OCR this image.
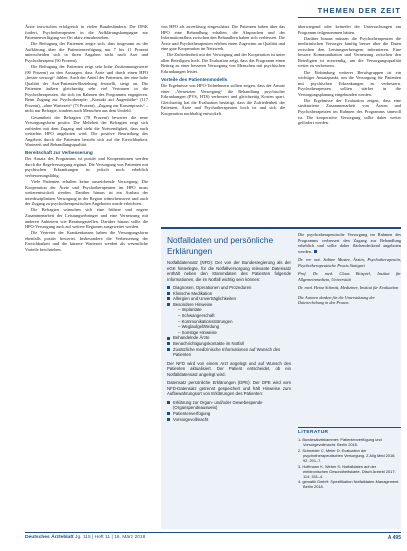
THEMEN DER ZEIT

Ärzte inzwischen erfolgreich in vielen Bundesländern. Die DPtK fordert, Psychotherapeuten in die Aufklärungskampagne zur Patientenverfügung vor Ort aktiv einzubeziehen.

Die Befragung der Patienten zeigte sich, dass insgesamt zu der Aufklärung über die Patientenverfügung nur 7 bis 11 Prozent unterscheiden sich in ihren Angaben nicht nach Arzt und Psychotherapeut (50 Prozent).

Die Befragung der Patienten zeigt sehr hohe Zustimmungswerte (90 Prozent) zu den Aussagen, dass Ärzte und durch einen HPO „besser versorgt“ fühlen. Auch der Anteil der Patienten, der eine hohe Qualität der Arzt-Patienten-Beziehung feststellt, steigt an. Die Patienten äußern gleichzeitig sehr viel Vertrauen in die Psychotherapeuten, die sich im Rahmen des Programms engagieren. Beim Zugang zur Psychotherapie: „Kontakt auf Augenhöhe“ (117 Prozent), „ohne Wartezeit“ (73 Prozent), „Zugang zur Kassenpraxis“ – nicht nur Befragte, sondern auch Menschen aus dem Umfeld.

Gesamtheit der Befragten (78 Prozent) bewertet die neue Versorgungsform positiv. Die Mehrheit der Befragten zeigt sich zufrieden mit dem Zugang und sieht die Notwendigkeit, dass auch weiterhin HPO angeboten wird. Die positive Beurteilung des Angebots durch die Patienten bezieht sich auf die Erreichbarkeit, Wartezeit und Behandlungsqualität.

Bereitschaft zur Verbesserung

Der Ansatz des Programms ist positiv und Kooperationen werden durch die Regelversorgung ergänzt. Die Versorgung von Patienten mit psychischen Erkrankungen ist jedoch noch erheblich verbesserungsfähig.

Viele Patienten erhalten keine ausreichende Versorgung. Die Kooperation der Ärzte und Psychotherapeuten im HPO muss weiterentwickelt werden. Darüber hinaus ist ein Ausbau der interdisziplinären Versorgung in der Region wünschenswert und auch der Zugang zu psychotherapeutischen Angeboten wurde erleichtert.

Die Befragten wünschen sich eine frühere und engere Zusammenarbeit der Leistungserbringer und eine Vernetzung mit anderen Anbietern wie Beratungsstellen. Darüber hinaus sollte die HPO-Versorgung auch auf weitere Regionen ausgeweitet werden.

Die Vertreter der Krankenkassen haben die Versorgungsform ebenfalls positiv bewertet. Insbesondere die Verbesserung der Erreichbarkeit und die kürzere Wartezeit werden als wesentliche Vorteile beschrieben.

von HPO als zuverlässig eingeschätzt. Die Patienten haben über das HPO eine Behandlung erhalten, die Absprachen und der Informationsfluss zwischen den Behandlern haben sich verbessert. Die Ärzte und Psychotherapeuten erleben einen Zugewinn an Qualität und eine gute Kooperation im Netzwerk.

Die Zufriedenheit mit der Versorgung und der Kooperation ist unter allen Beteiligten hoch. Die Evaluation zeigt, dass das Programm einen Beitrag zu einer besseren Versorgung von Menschen mit psychischen Erkrankungen leistet.

Vorteile des Patientenmodells

Die Ergebnisse von HPO-Teilnehmern sollten zeigen, dass der Ansatz einer „Vernetzten Versorgung“ die Behandlung psychischer Erkrankungen (PVS, HTS) verbessert und gleichzeitig Kosten spart. Gleichzeitig hat die Evaluation bestätigt, dass die Zufriedenheit der Patienten, Ärzte und Psychotherapeuten hoch ist und sich die Kooperation nachhaltig entwickelt.

überwiegend oder keinerlei der Untersuchungen am Programm teilgenommen hätten.

Darüber hinaus müssen die Psychotherapeuten die medizinischen Versorger künftig besser über die Daten zwischen den Leistungserbringern informieren. Eine bessere Kommunikation und Vernetzung zwischen den Beteiligten ist notwendig, um die Versorgungsqualität weiter zu verbessern.

Die Einbindung weiterer Berufsgruppen ist ein wichtiger Ansatzpunkt, um die Versorgung für Patienten mit psychischen Erkrankungen zu verbessern. Psychotherapeuten sollten stärker in die Versorgungsplanung eingebunden werden.

Die Ergebnisse der Evaluation zeigen, dass eine strukturierte Zusammenarbeit von Ärzten und Psychotherapeuten im Rahmen des Programms sinnvoll ist. Die kooperative Versorgung sollte daher weiter gefördert werden.

Notfalldaten und persönliche Erklärungen

Notfalldatensatz (NFD): Der von der Bundesregierung als der eGK hinterlegte, für die Notfallversorgung relevante Datensatz enthält neben den Stammdaten des Patienten folgende Informationen, die im Notfall wichtig sein können:

Diagnosen, Operationen und Prozeduren
Klinische Medikation
Allergien und Unverträglichkeiten
Besondere Hinweise
– Implantate
– Schwangerschaft
– Kommunikationsstörungen
– Weglaufgefährdung
– Sonstige Hinweise
Behandelnde Ärzte
Benachrichtigungskontakte im Notfall
Zusätzliche medizinische Informationen auf Wunsch des Patienten

Der NFD wird von einem Arzt angelegt und auf Wunsch des Patienten aktualisiert. Der Patient entscheidet, ob ein Notfalldatensatz angelegt wird.

Datensatz persönliche Erklärungen (DPE): Der DPE wird vom NFD-Datensatz getrennt gespeichert und hält Hinweise zum Aufbewahrungsort von Erklärungen des Patienten:

Erklärung zur Organ- und/oder Gewebespende (Organspendeausweis)
Patientenverfügung
Vorsorgevollmacht

Die psychotherapeutische Versorgung im Rahmen des Programms verbessert den Zugang zur Behandlung erheblich und sollte daher flächendeckend angeboten werden.

Dr. rer. nat. Sabine Muster, Ärztin, Psychotherapeutin, Psychotherapeutische Praxis Stuttgart

Prof. Dr. med. Claus Beispiel, Institut für Allgemeinmedizin, Universität

Dr. med. Heinz Schmitt, Mediziner, Institut für Evaluation

Die Autoren danken für die Unterstützung der Datenerhebung in den Praxen.
LITERATUR
1. Bundesärztekammer: Patientenverfügung und Vorsorgevollmacht. Berlin 2018.
2. Schneider C, Meier D: Evaluation der psychotherapeutischen Versorgung. Z Allg Med 2016; 92: 201–7.
3. Hoffmann K, Weber S: Notfalldaten auf der elektronischen Gesundheitskarte. Dtsch Arztebl 2017; 114: 331–4.
4. gematik GmbH: Spezifikation Notfalldaten-Management. Berlin 2018.
Deutsches Ärzteblatt Jg. 115 | Heft 11 | 16. März 2018	A 495
